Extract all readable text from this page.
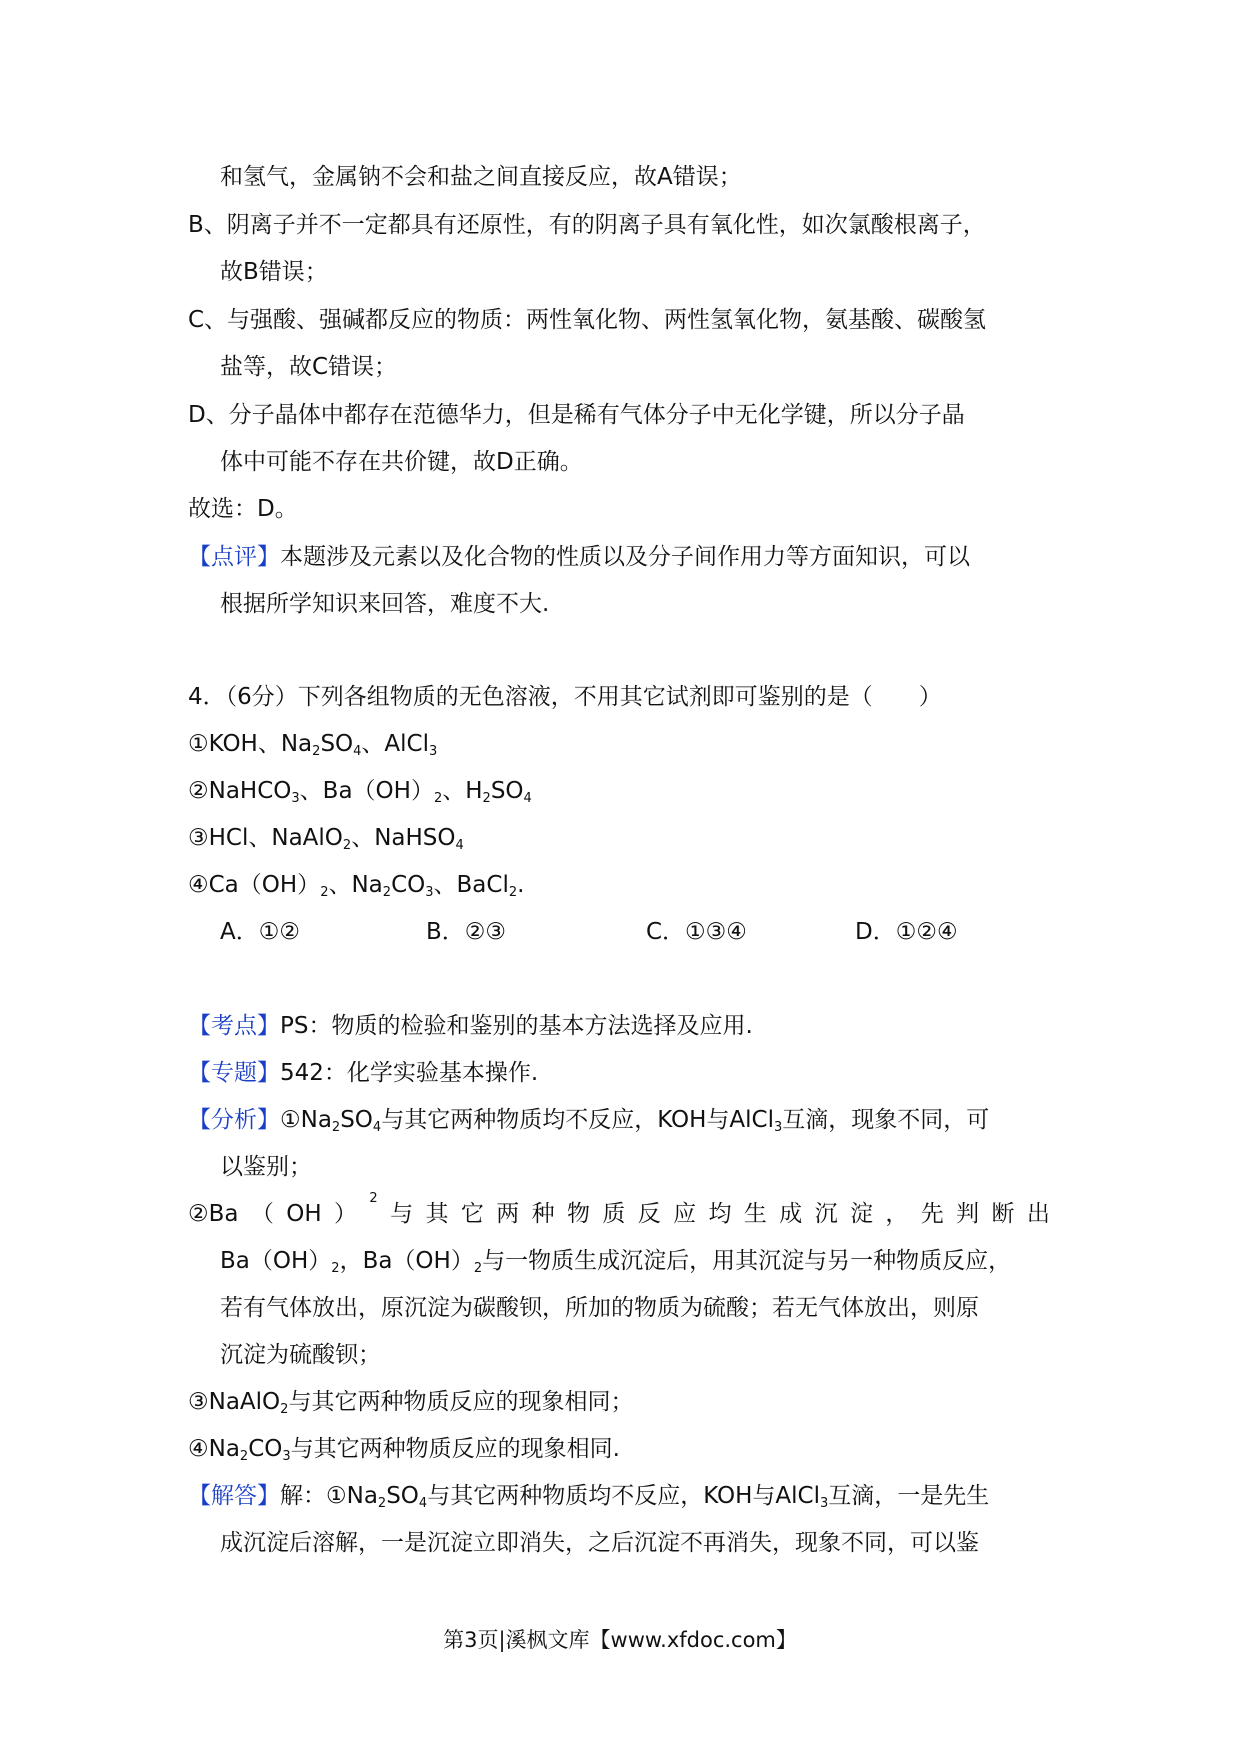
和氢气，金属钠不会和盐之间直接反应，故A错误；
B、阴离子并不一定都具有还原性，有的阴离子具有氧化性，如次氯酸根离子，
故B错误；
C、与强酸、强碱都反应的物质：两性氧化物、两性氢氧化物，氨基酸、碳酸氢
盐等，故C错误；
D、分子晶体中都存在范德华力，但是稀有气体分子中无化学键，所以分子晶
体中可能不存在共价键，故D正确。
故选：D。
【点评】本题涉及元素以及化合物的性质以及分子间作用力等方面知识，可以
根据所学知识来回答，难度不大.
4．（6分）下列各组物质的无色溶液，不用其它试剂即可鉴别的是（　　）
①KOH、$Na_2SO_4$、AlCl$_3$
②NaHCO$_3$、$Ba(OH)_2$、$H_2SO_4$
③HCl、NaAlO$_2$、NaHSO$_4$
$④Ca(OH)_2$、$Na_2CO_3$、BaCl$_2$.
A．①②	B．②③	C．①③④	D．①②④
【考点】PS：物质的检验和鉴别的基本方法选择及应用.
【专题】542：化学实验基本操作.
【分析】$①Na_2SO_4$与其它两种物质均不反应，KOH与AlCl$_3$互滴，现象不同，可
以鉴别；
②Ba （ OH ）
2
与 其 它 两 种 物 质 反 应 均 生 成 沉 淀 ， 先 判 断 出
$Ba(OH)_2$，$Ba(OH)_2$与一物质生成沉淀后，用其沉淀与另一种物质反应，
若有气体放出，原沉淀为碳酸钡，所加的物质为硫酸；若无气体放出，则原
沉淀为硫酸钡；
③NaAlO$_2$与其它两种物质反应的现象相同；
$④Na_2CO_3$与其它两种物质反应的现象相同.
【解答】解：$①Na_2SO_4$与其它两种物质均不反应，KOH与AlCl$_3$互滴，一是先生
成沉淀后溶解，一是沉淀立即消失，之后沉淀不再消失，现象不同，可以鉴
第3页|溪枫文库【www.xfdoc.com】
